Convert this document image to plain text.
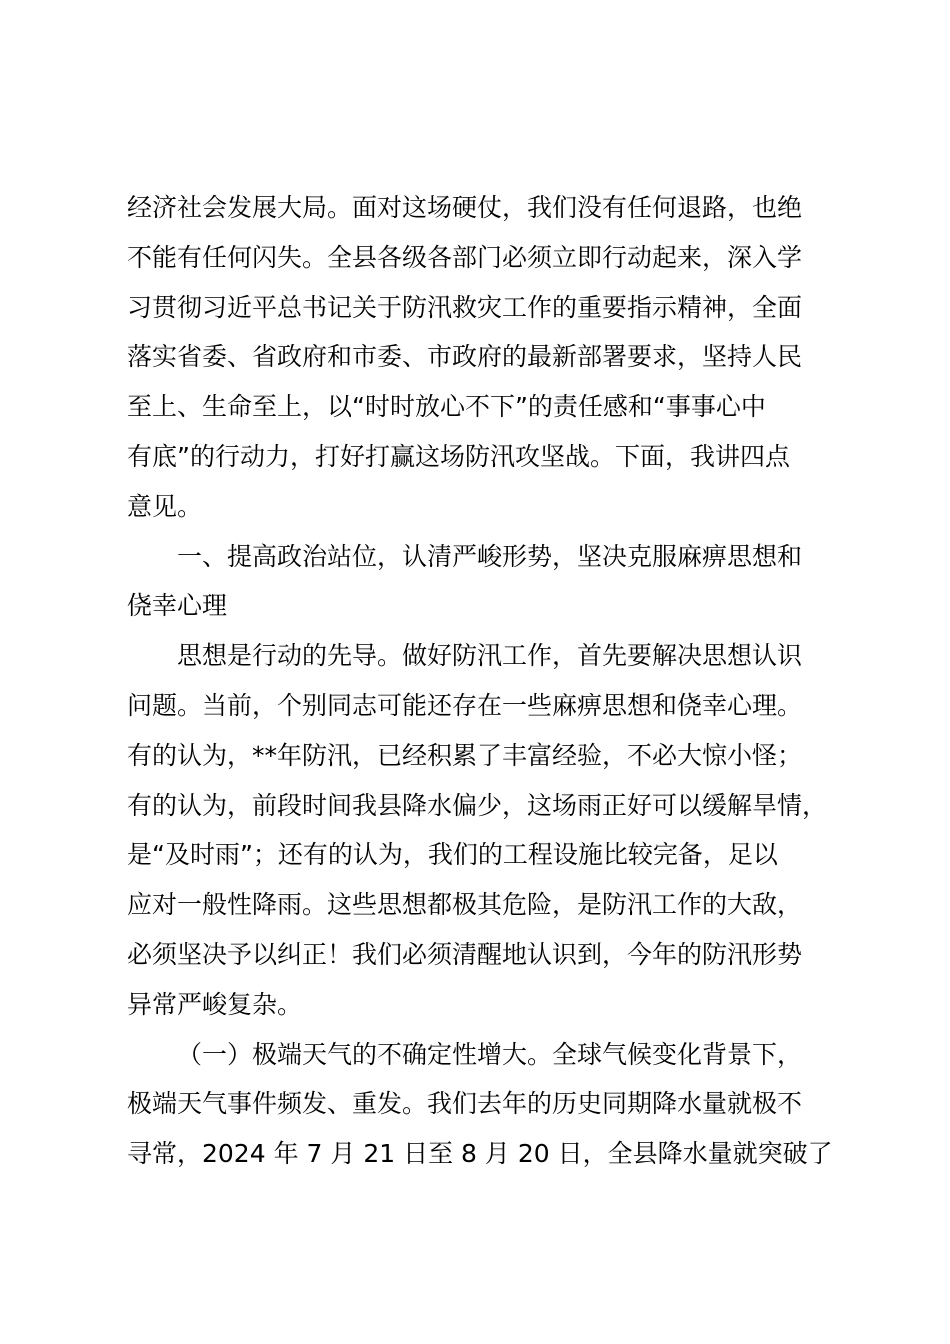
经济社会发展大局。面对这场硬仗，我们没有任何退路，也绝
不能有任何闪失。全县各级各部门必须立即行动起来，深入学
习贯彻习近平总书记关于防汛救灾工作的重要指示精神，全面
落实省委、省政府和市委、市政府的最新部署要求，坚持人民
至上、生命至上，以“时时放心不下”的责任感和“事事心中
有底”的行动力，打好打赢这场防汛攻坚战。下面，我讲四点
意见。
一、提高政治站位，认清严峻形势，坚决克服麻痹思想和
侥幸心理
思想是行动的先导。做好防汛工作，首先要解决思想认识
问题。当前，个别同志可能还存在一些麻痹思想和侥幸心理。
有的认为，**年防汛，已经积累了丰富经验，不必大惊小怪；
有的认为，前段时间我县降水偏少，这场雨正好可以缓解旱情，
是“及时雨”；还有的认为，我们的工程设施比较完备，足以
应对一般性降雨。这些思想都极其危险，是防汛工作的大敌，
必须坚决予以纠正！我们必须清醒地认识到，今年的防汛形势
异常严峻复杂。
（一）极端天气的不确定性增大。全球气候变化背景下，
极端天气事件频发、重发。我们去年的历史同期降水量就极不
寻常，2024 年 7 月 21 日至 8 月 20 日，全县降水量就突破了
